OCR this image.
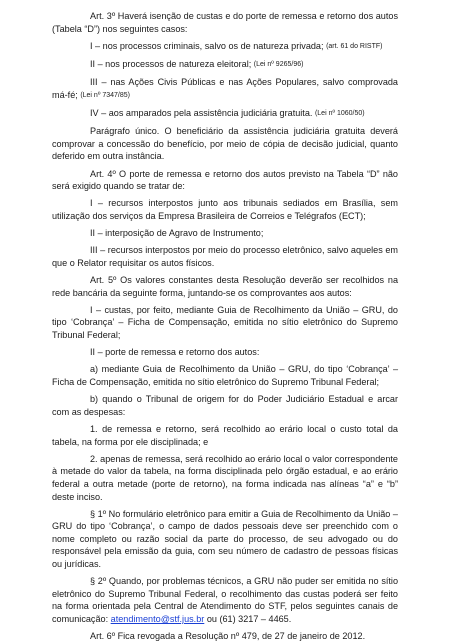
Art. 3º Haverá isenção de custas e do porte de remessa e retorno dos autos (Tabela “D”) nos seguintes casos:

I – nos processos criminais, salvo os de natureza privada; (art. 61 do RISTF)

II – nos processos de natureza eleitoral; (Lei nº 9265/96)

III – nas Ações Civis Públicas e nas Ações Populares, salvo comprovada má-fé; (Lei nº 7347/85)

IV – aos amparados pela assistência judiciária gratuita. (Lei nº 1060/50)

Parágrafo único. O beneficiário da assistência judiciária gratuita deverá comprovar a concessão do benefício, por meio de cópia de decisão judicial, quanto deferido em outra instância.

Art. 4º O porte de remessa e retorno dos autos previsto na Tabela “D” não será exigido quando se tratar de:

I – recursos interpostos junto aos tribunais sediados em Brasília, sem utilização dos serviços da Empresa Brasileira de Correios e Telégrafos (ECT);

II – interposição de Agravo de Instrumento;

III – recursos interpostos por meio do processo eletrônico, salvo aqueles em que o Relator requisitar os autos físicos.

Art. 5º Os valores constantes desta Resolução deverão ser recolhidos na rede bancária da seguinte forma, juntando-se os comprovantes aos autos:

I – custas, por feito, mediante Guia de Recolhimento da União – GRU, do tipo ‘Cobrança’ – Ficha de Compensação, emitida no sítio eletrônico do Supremo Tribunal Federal;

II – porte de remessa e retorno dos autos:

a) mediante Guia de Recolhimento da União – GRU, do tipo ‘Cobrança’ – Ficha de Compensação, emitida no sítio eletrônico do Supremo Tribunal Federal;

b) quando o Tribunal de origem for do Poder Judiciário Estadual e arcar com as despesas:

1. de remessa e retorno, será recolhido ao erário local o custo total da tabela, na forma por ele disciplinada; e

2. apenas de remessa, será recolhido ao erário local o valor correspondente à metade do valor da tabela, na forma disciplinada pelo órgão estadual, e ao erário federal a outra metade (porte de retorno), na forma indicada nas alíneas “a” e “b” deste inciso.

§ 1º No formulário eletrônico para emitir a Guia de Recolhimento da União – GRU do tipo ‘Cobrança’, o campo de dados pessoais deve ser preenchido com o nome completo ou razão social da parte do processo, de seu advogado ou do responsável pela emissão da guia, com seu número de cadastro de pessoas físicas ou jurídicas.

§ 2º Quando, por problemas técnicos, a GRU não puder ser emitida no sítio eletrônico do Supremo Tribunal Federal, o recolhimento das custas poderá ser feito na forma orientada pela Central de Atendimento do STF, pelos seguintes canais de comunicação: atendimento@stf.jus.br ou (61) 3217 – 4465.

Art. 6º Fica revogada a Resolução nº 479, de 27 de janeiro de 2012.
